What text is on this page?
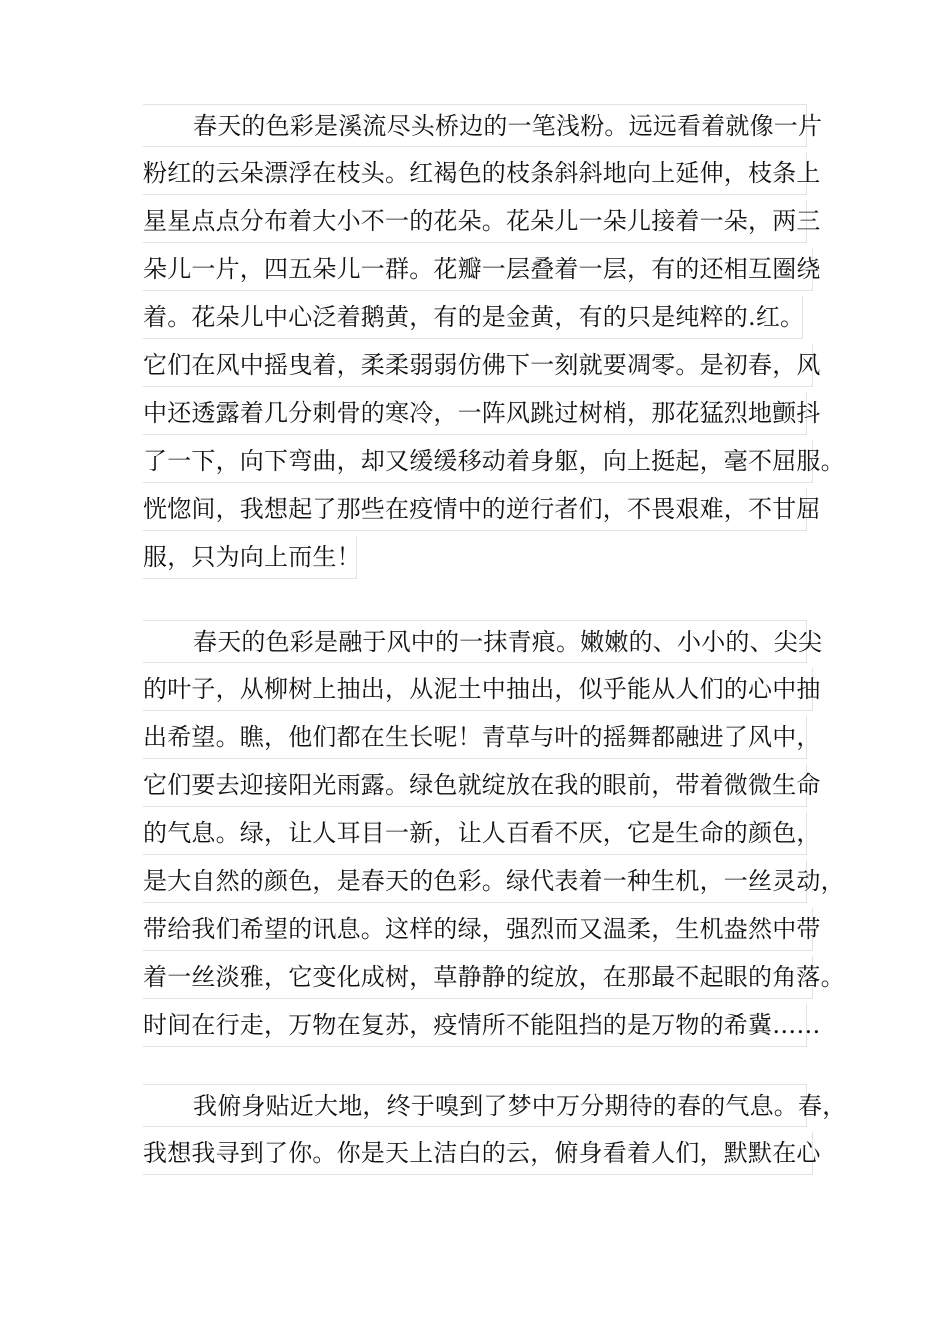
春天的色彩是溪流尽头桥边的一笔浅粉。远远看着就像一片
粉红的云朵漂浮在枝头。红褐色的枝条斜斜地向上延伸，枝条上
星星点点分布着大小不一的花朵。花朵儿一朵儿接着一朵，两三
朵儿一片，四五朵儿一群。花瓣一层叠着一层，有的还相互圈绕
着。花朵儿中心泛着鹅黄，有的是金黄，有的只是纯粹的.红。
它们在风中摇曳着，柔柔弱弱仿佛下一刻就要凋零。是初春，风
中还透露着几分刺骨的寒冷，一阵风跳过树梢，那花猛烈地颤抖
了一下，向下弯曲，却又缓缓移动着身躯，向上挺起，毫不屈服。
恍惚间，我想起了那些在疫情中的逆行者们，不畏艰难，不甘屈
服，只为向上而生！
春天的色彩是融于风中的一抹青痕。嫩嫩的、小小的、尖尖
的叶子，从柳树上抽出，从泥土中抽出，似乎能从人们的心中抽
出希望。瞧，他们都在生长呢！青草与叶的摇舞都融进了风中，
它们要去迎接阳光雨露。绿色就绽放在我的眼前，带着微微生命
的气息。绿，让人耳目一新，让人百看不厌，它是生命的颜色，
是大自然的颜色，是春天的色彩。绿代表着一种生机，一丝灵动，
带给我们希望的讯息。这样的绿，强烈而又温柔，生机盎然中带
着一丝淡雅，它变化成树，草静静的绽放，在那最不起眼的角落。
时间在行走，万物在复苏，疫情所不能阻挡的是万物的希冀……
我俯身贴近大地，终于嗅到了梦中万分期待的春的气息。春，
我想我寻到了你。你是天上洁白的云，俯身看着人们，默默在心
